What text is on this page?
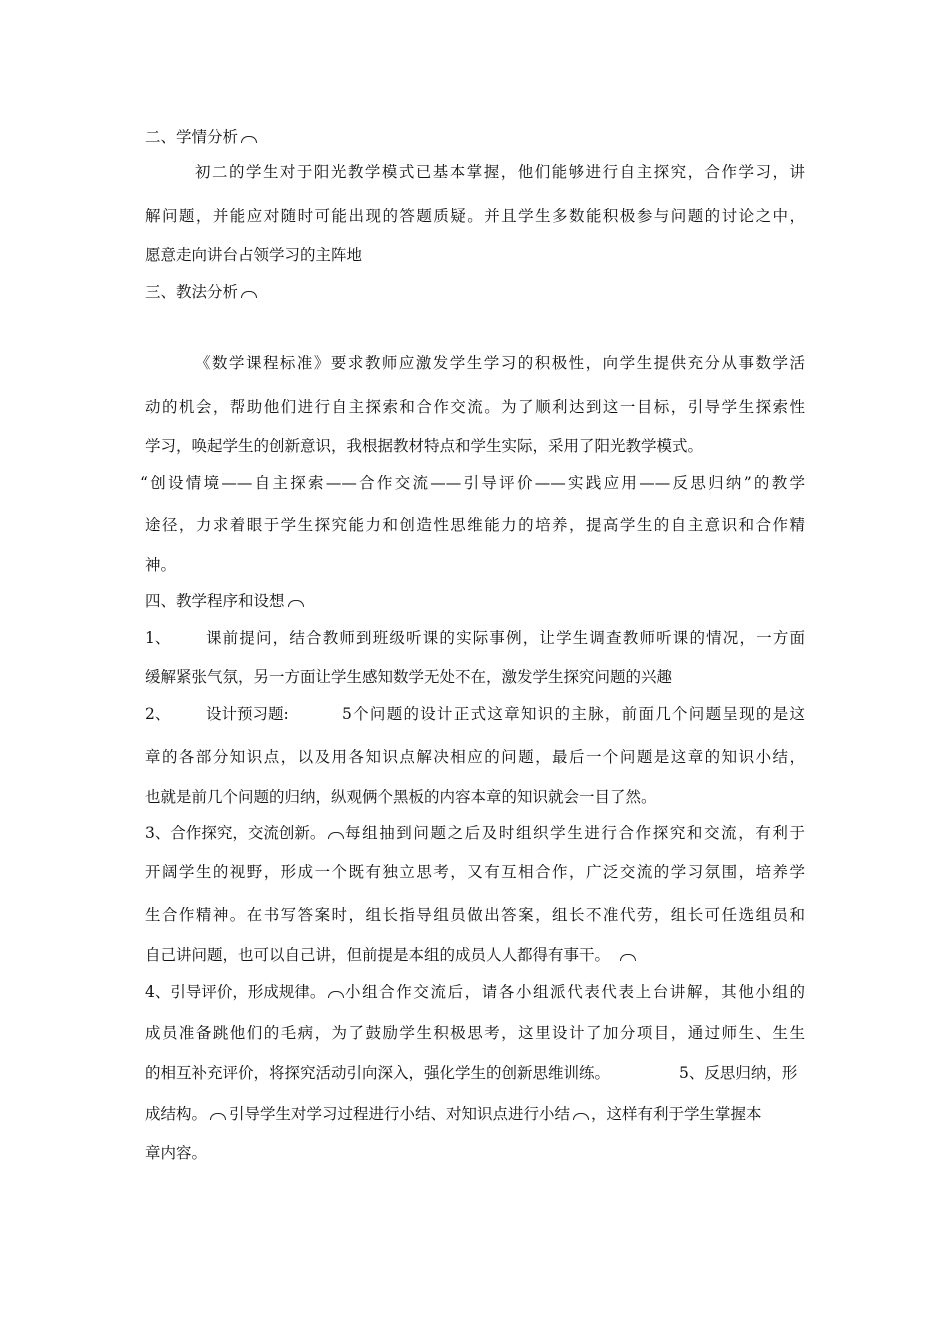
二、学情分析
初二的学生对于阳光教学模式已基本掌握，他们能够进行自主探究，合作学习，讲
解问题，并能应对随时可能出现的答题质疑。并且学生多数能积极参与问题的讨论之中，
愿意走向讲台占领学习的主阵地
三、教法分析
《数学课程标准》要求教师应激发学生学习的积极性，向学生提供充分从事数学活
动的机会，帮助他们进行自主探索和合作交流。为了顺利达到这一目标，引导学生探索性
学习，唤起学生的创新意识，我根据教材特点和学生实际，采用了阳光教学模式。
“创设情境——自主探索——合作交流——引导评价——实践应用——反思归纳”的教学
途径，力求着眼于学生探究能力和创造性思维能力的培养，提高学生的自主意识和合作精
神。
四、教学程序和设想
1、 课前提问，结合教师到班级听课的实际事例，让学生调查教师听课的情况，一方面
缓解紧张气氛，另一方面让学生感知数学无处不在，激发学生探究问题的兴趣
2、 设计预习题:	5个问题的设计正式这章知识的主脉，前面几个问题呈现的是这
章的各部分知识点，以及用各知识点解决相应的问题，最后一个问题是这章的知识小结，
也就是前几个问题的归纳，纵观俩个黑板的内容本章的知识就会一目了然。
3、合作探究，交流创新。	每组抽到问题之后及时组织学生进行合作探究和交流，有利于
开阔学生的视野，形成一个既有独立思考，又有互相合作，广泛交流的学习氛围，培养学
生合作精神。在书写答案时，组长指导组员做出答案，组长不准代劳，组长可任选组员和
自己讲问题，也可以自己讲，但前提是本组的成员人人都得有事干。
4、引导评价，形成规律。	小组合作交流后，请各小组派代表代表上台讲解，其他小组的
成员准备跳他们的毛病，为了鼓励学生积极思考，这里设计了加分项目，通过师生、生生
的相互补充评价，将探究活动引向深入，强化学生的创新思维训练。	5、反思归纳，形
成结构。 引导学生对学习过程进行小结、对知识点进行小结 ，这样有利于学生掌握本
章内容。
